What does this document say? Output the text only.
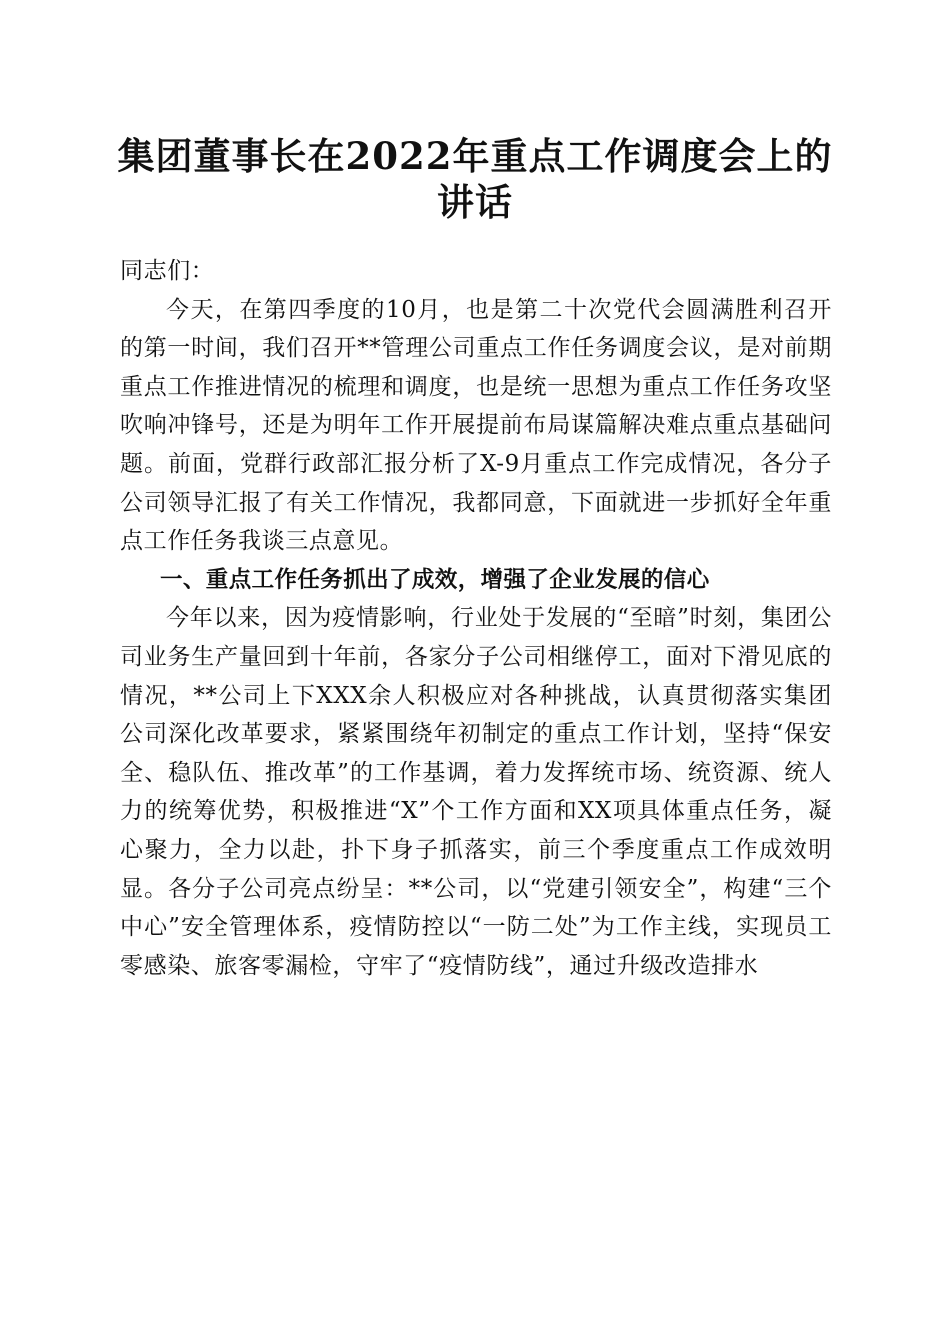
集团董事长在2022年重点工作调度会上的讲话

同志们：

今天，在第四季度的10月，也是第二十次党代会圆满胜利召开的第一时间，我们召开**管理公司重点工作任务调度会议，是对前期重点工作推进情况的梳理和调度，也是统一思想为重点工作任务攻坚吹响冲锋号，还是为明年工作开展提前布局谋篇解决难点重点基础问题。前面，党群行政部汇报分析了X-9月重点工作完成情况，各分子公司领导汇报了有关工作情况，我都同意，下面就进一步抓好全年重点工作任务我谈三点意见。

一、重点工作任务抓出了成效，增强了企业发展的信心

今年以来，因为疫情影响，行业处于发展的“至暗”时刻，集团公司业务生产量回到十年前，各家分子公司相继停工，面对下滑见底的情况，**公司上下XXX余人积极应对各种挑战，认真贯彻落实集团公司深化改革要求，紧紧围绕年初制定的重点工作计划，坚持“保安全、稳队伍、推改革”的工作基调，着力发挥统市场、统资源、统人力的统筹优势，积极推进“X”个工作方面和XX项具体重点任务，凝心聚力，全力以赴，扑下身子抓落实，前三个季度重点工作成效明显。各分子公司亮点纷呈：**公司，以“党建引领安全”，构建“三个中心”安全管理体系，疫情防控以“一防二处”为工作主线，实现员工零感染、旅客零漏检，守牢了“疫情防线”，通过升级改造排水
